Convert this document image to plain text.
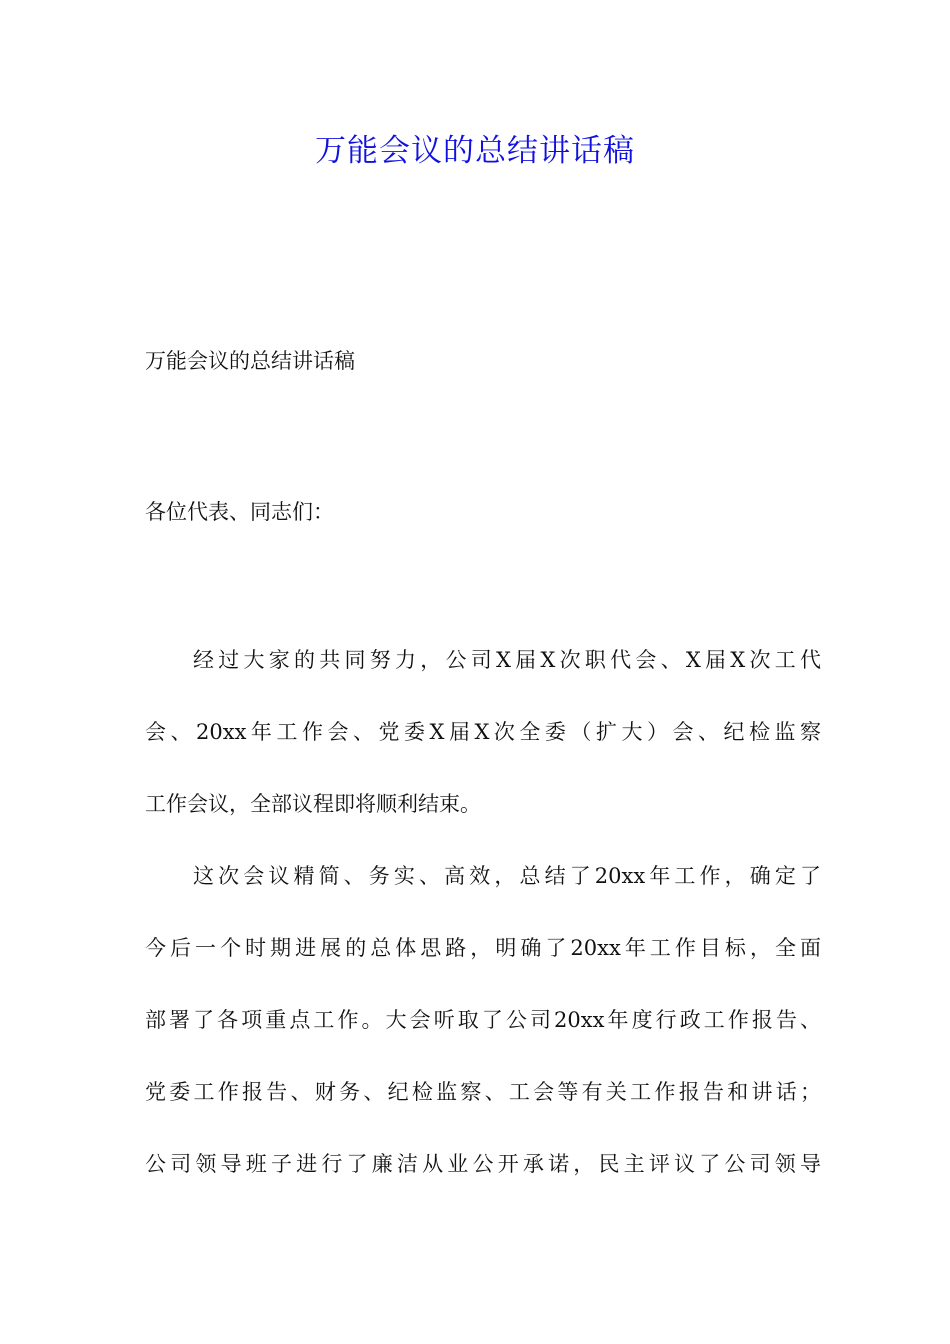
万能会议的总结讲话稿
万能会议的总结讲话稿
各位代表、同志们：
经过大家的共同努力，公司X届X次职代会、X届X次工代
会、20xx年工作会、党委X届X次全委（扩大）会、纪检监察
工作会议，全部议程即将顺利结束。
这次会议精简、务实、高效，总结了20xx年工作，确定了
今后一个时期进展的总体思路，明确了20xx年工作目标，全面
部署了各项重点工作。大会听取了公司20xx年度行政工作报告、
党委工作报告、财务、纪检监察、工会等有关工作报告和讲话；
公司领导班子进行了廉洁从业公开承诺，民主评议了公司领导
